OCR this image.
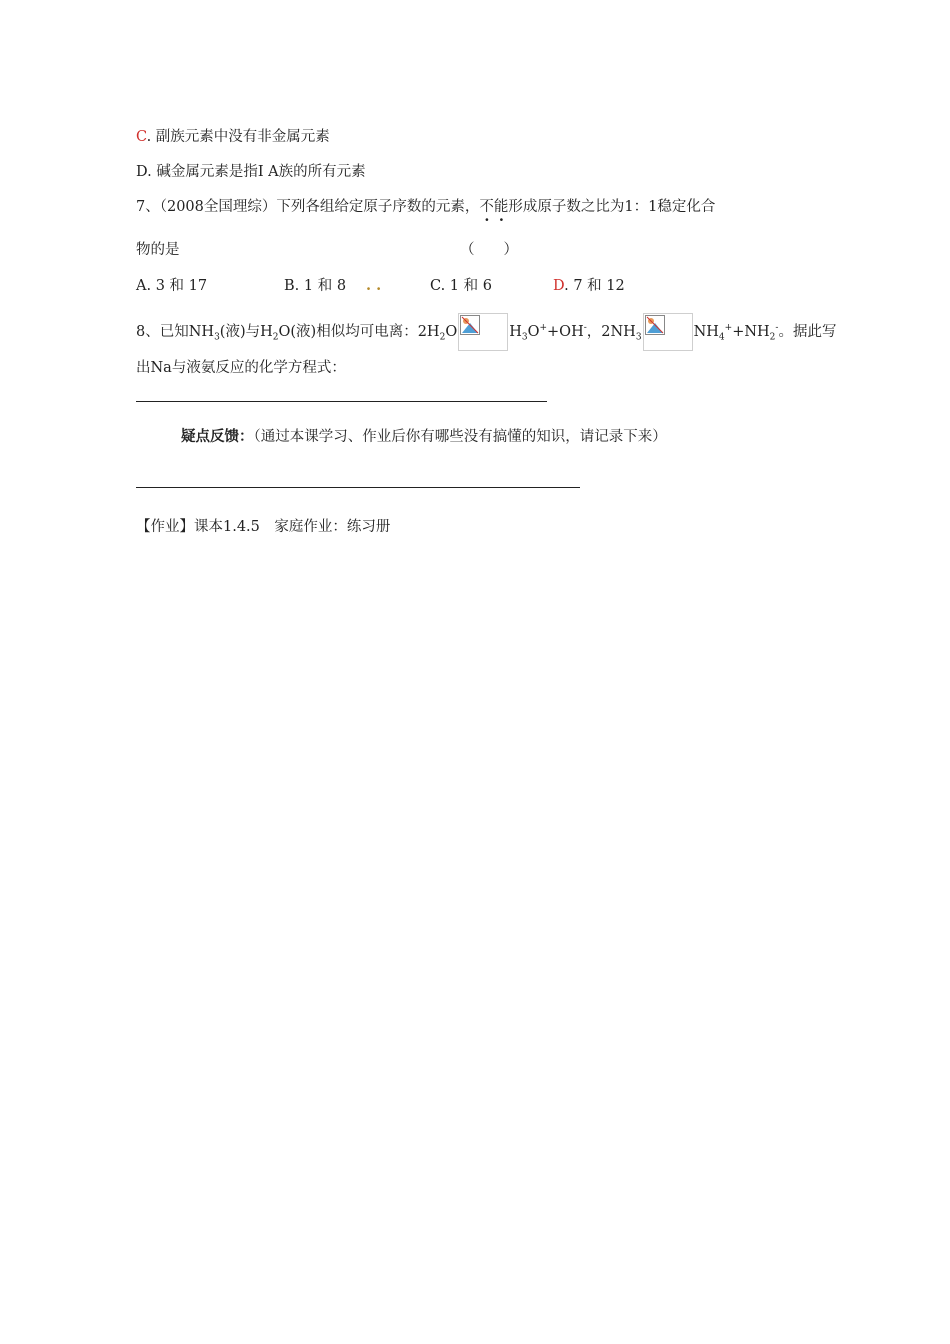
C. 副族元素中没有非金属元素
D. 碱金属元素是指Ⅰ A族的所有元素
7、（2008全国理综）下列各组给定原子序数的元素，不能形成原子数之比为1：1稳定化合
物的是	（　　）
A. 3 和 17	B. 1 和 8 . .	C. 1 和 6	D. 7 和 12
8、已知$NH_3$(液)与$H_2O$(液)相似均可电离：$2H_2O$	$H_3O^++OH^-$，$2NH_3$	$NH_4^++NH_2^-$。据此写
出Na与液氨反应的化学方程式：
疑点反馈：（通过本课学习、作业后你有哪些没有搞懂的知识，请记录下来）
【作业】课本1.4.5　家庭作业：练习册
